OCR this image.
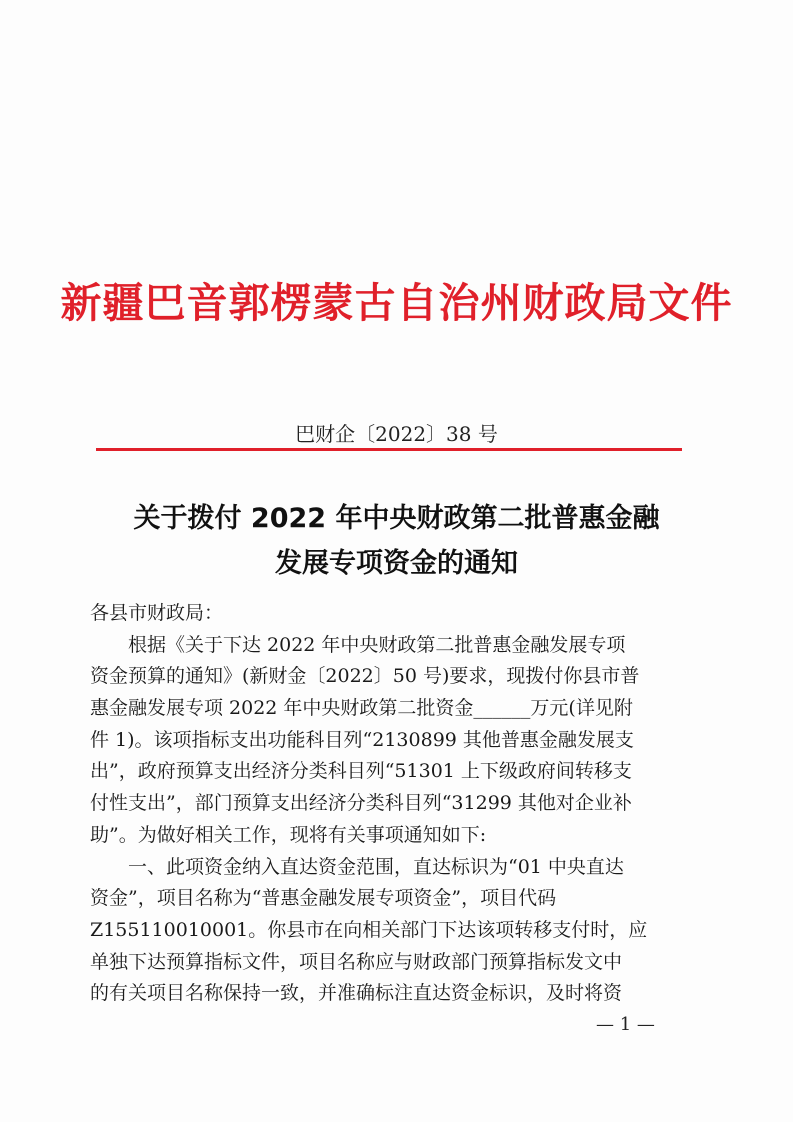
新疆巴音郭楞蒙古自治州财政局文件
巴财企〔2022〕38 号
关于拨付 2022 年中央财政第二批普惠金融
发展专项资金的通知
各县市财政局：
根据《关于下达 2022 年中央财政第二批普惠金融发展专项
资金预算的通知》(新财金〔2022〕50 号)要求，现拨付你县市普
惠金融发展专项 2022 年中央财政第二批资金______万元(详见附
件 1)。该项指标支出功能科目列“2130899 其他普惠金融发展支
出”，政府预算支出经济分类科目列“51301 上下级政府间转移支
付性支出”，部门预算支出经济分类科目列“31299 其他对企业补
助”。为做好相关工作，现将有关事项通知如下:
一、此项资金纳入直达资金范围，直达标识为“01 中央直达
资金”，项目名称为“普惠金融发展专项资金”，项目代码
Z155110010001。你县市在向相关部门下达该项转移支付时，应
单独下达预算指标文件，项目名称应与财政部门预算指标发文中
的有关项目名称保持一致，并准确标注直达资金标识，及时将资
— 1 —
